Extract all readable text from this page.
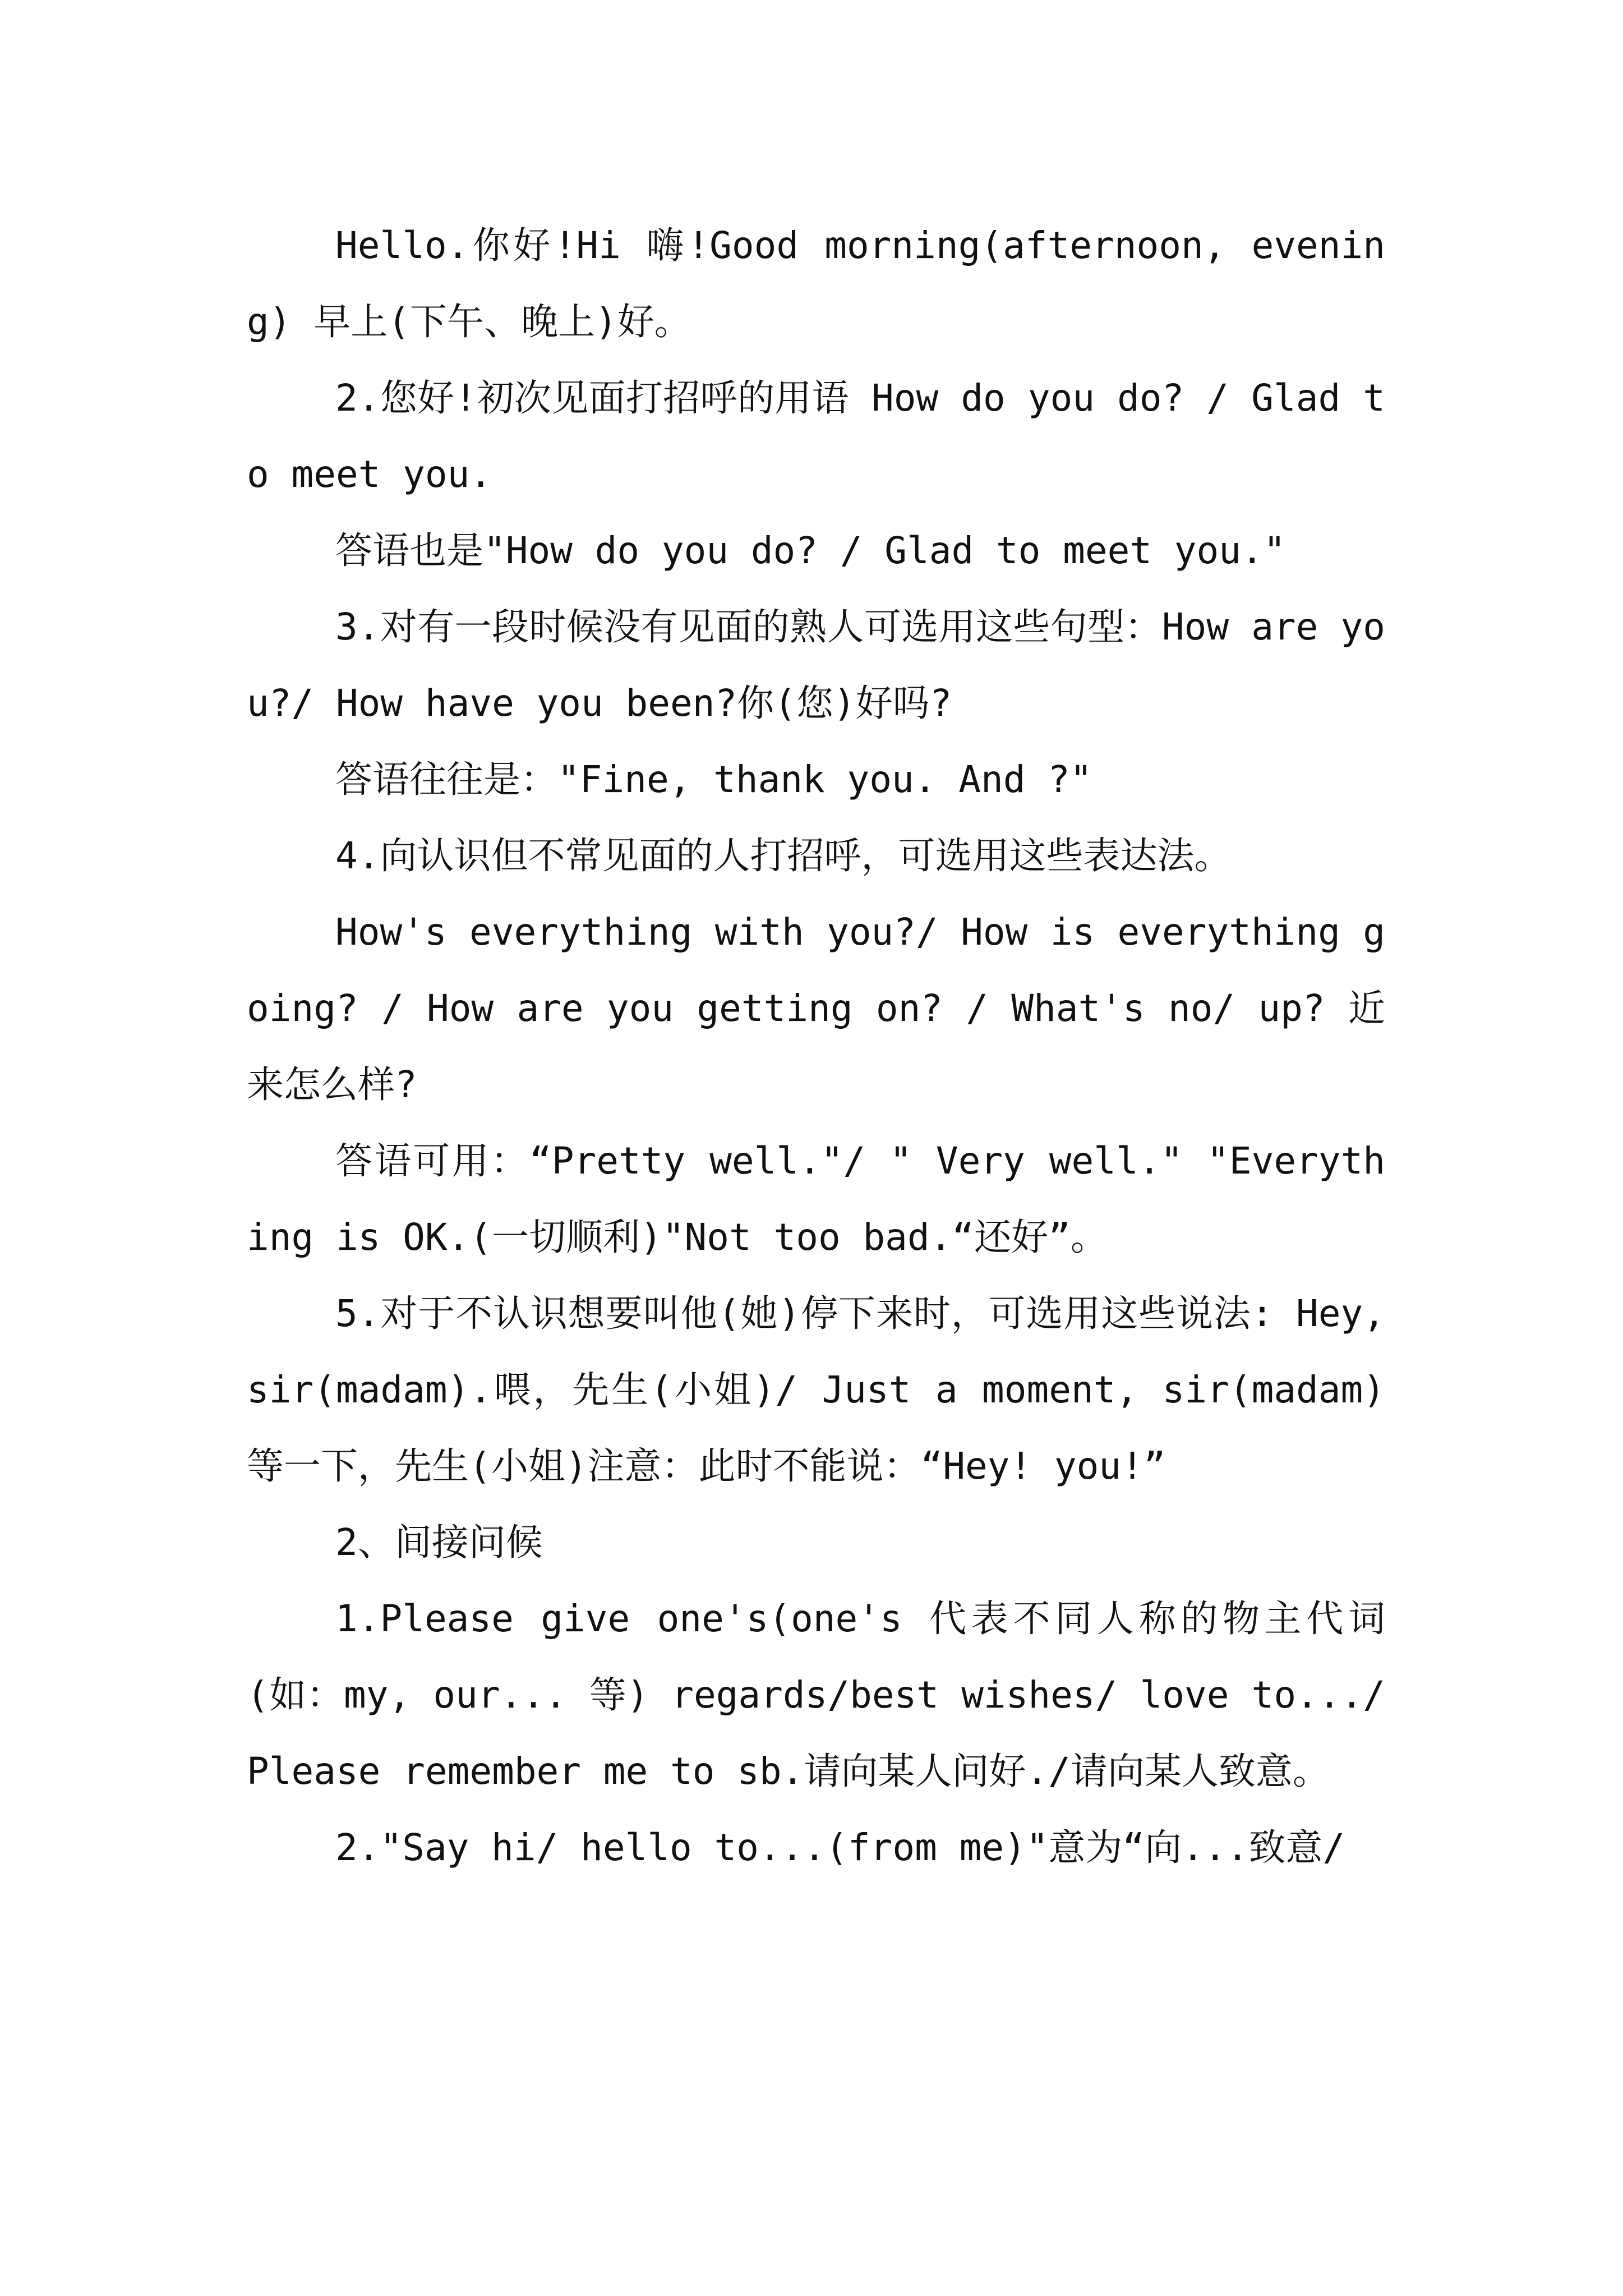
Hello.你好!Hi 嗨!Good morning(afternoon, evening) 早上(下午、晚上)好。

2.您好!初次见面打招呼的用语 How do you do? / Glad to meet you.

答语也是"How do you do? / Glad to meet you."

3.对有一段时候没有见面的熟人可选用这些句型：How are you?/ How have you been?你(您)好吗?

答语往往是："Fine, thank you. And ?"

4.向认识但不常见面的人打招呼，可选用这些表达法。

How's everything with you?/ How is everything going? / How are you getting on? / What's no/ up? 近来怎么样?

答语可用：“Pretty well."/ " Very well." "Everything is OK.(一切顺利)"Not too bad.“还好”。

5.对于不认识想要叫他(她)停下来时，可选用这些说法: Hey, sir(madam).喂，先生(小姐)/ Just a moment, sir(madam)等一下，先生(小姐)注意：此时不能说：“Hey! you!”

2、间接问候

1.Please give one's(one's 代表不同人称的物主代词(如：my, our... 等) regards/best wishes/ love to.../ Please remember me to sb.请向某人问好./请向某人致意。

2."Say hi/ hello to...(from me)"意为“向...致意/
